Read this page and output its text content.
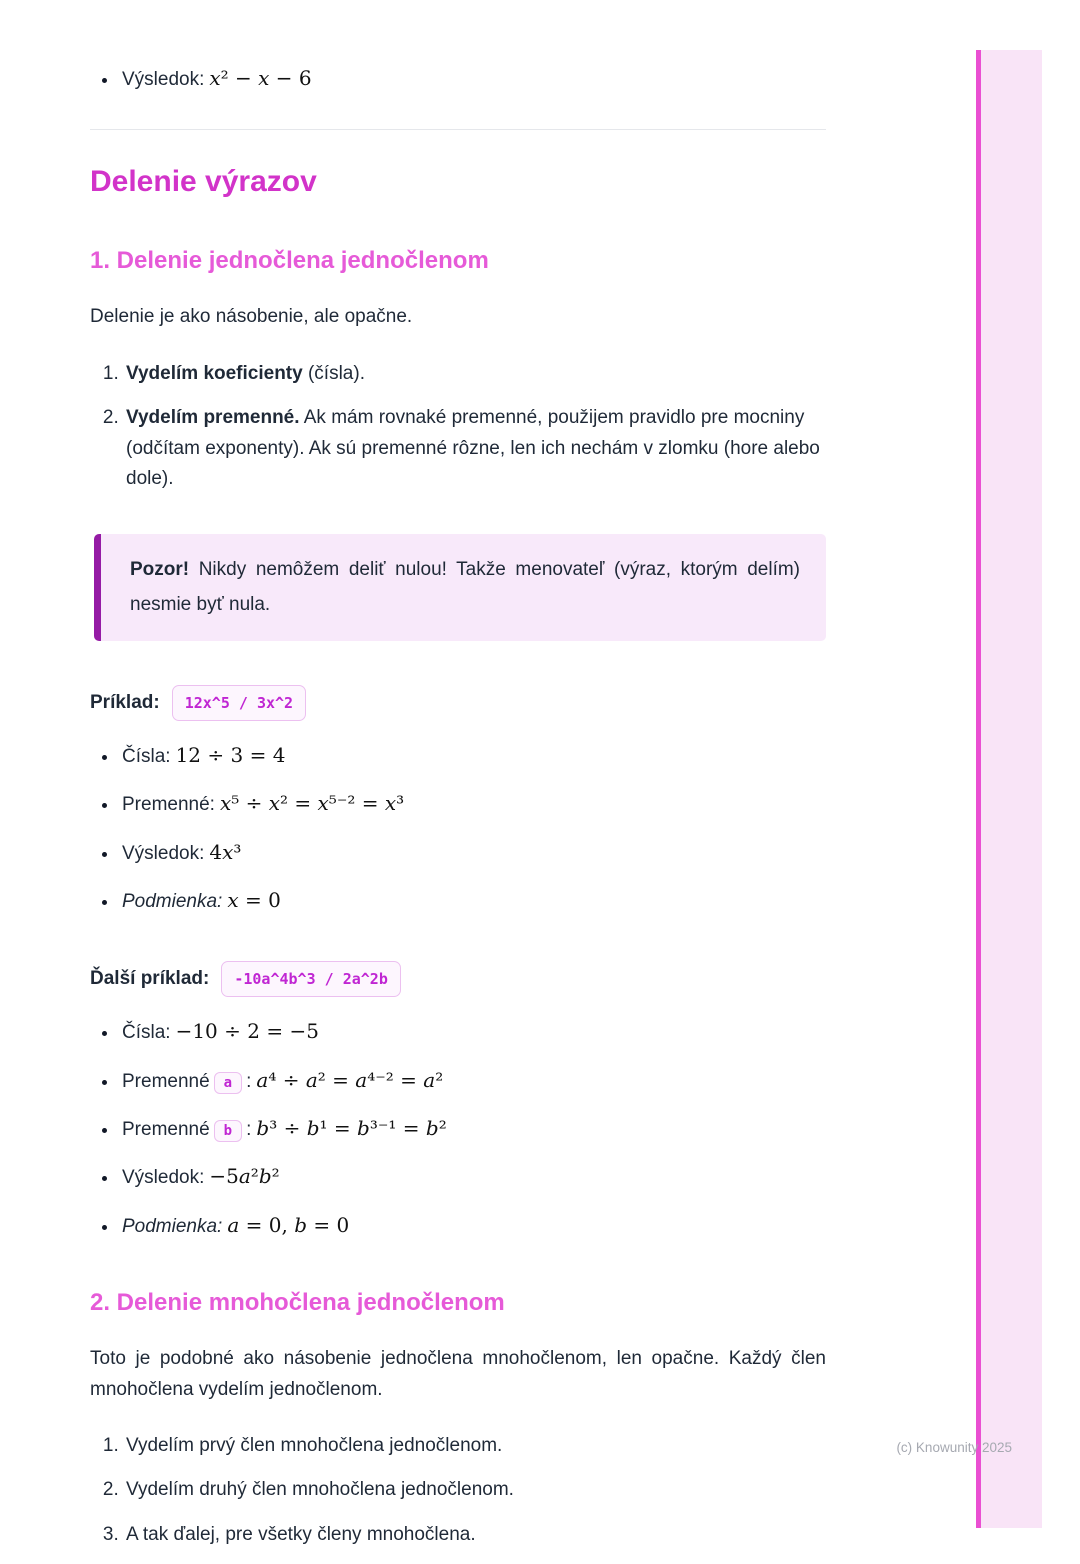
• Výsledok: x² − x − 6
Delenie výrazov
1. Delenie jednočlena jednočlenom

Delenie je ako násobenie, ale opačne.

1. Vydelím koeficienty (čísla).
2. Vydelím premenné. Ak mám rovnaké premenné, použijem pravidlo pre mocniny (odčítam exponenty). Ak sú premenné rôzne, len ich nechám v zlomku (hore alebo dole).
Pozor! Nikdy nemôžem deliť nulou! Takže menovateľ (výraz, ktorým delím) nesmie byť nula.
Príklad:	12x^5 / 3x^2
• Čísla: 12 ÷ 3 = 4
• Premenné: x⁵ ÷ x² = x⁵⁻² = x³
• Výsledok: 4x³
• Podmienka: x = 0
Ďalší príklad:	-10a^4b^3 / 2a^2b
• Čísla: −10 ÷ 2 = −5
• Premenné a : a⁴ ÷ a² = a⁴⁻² = a²
• Premenné b : b³ ÷ b¹ = b³⁻¹ = b²
• Výsledok: −5a²b²
• Podmienka: a = 0, b = 0
2. Delenie mnohočlena jednočlenom

Toto je podobné ako násobenie jednočlena mnohočlenom, len opačne. Každý člen mnohočlena vydelím jednočlenom.

1. Vydelím prvý člen mnohočlena jednočlenom.
2. Vydelím druhý člen mnohočlena jednočlenom.
3. A tak ďalej, pre všetky členy mnohočlena.
(c) Knowunity 2025
